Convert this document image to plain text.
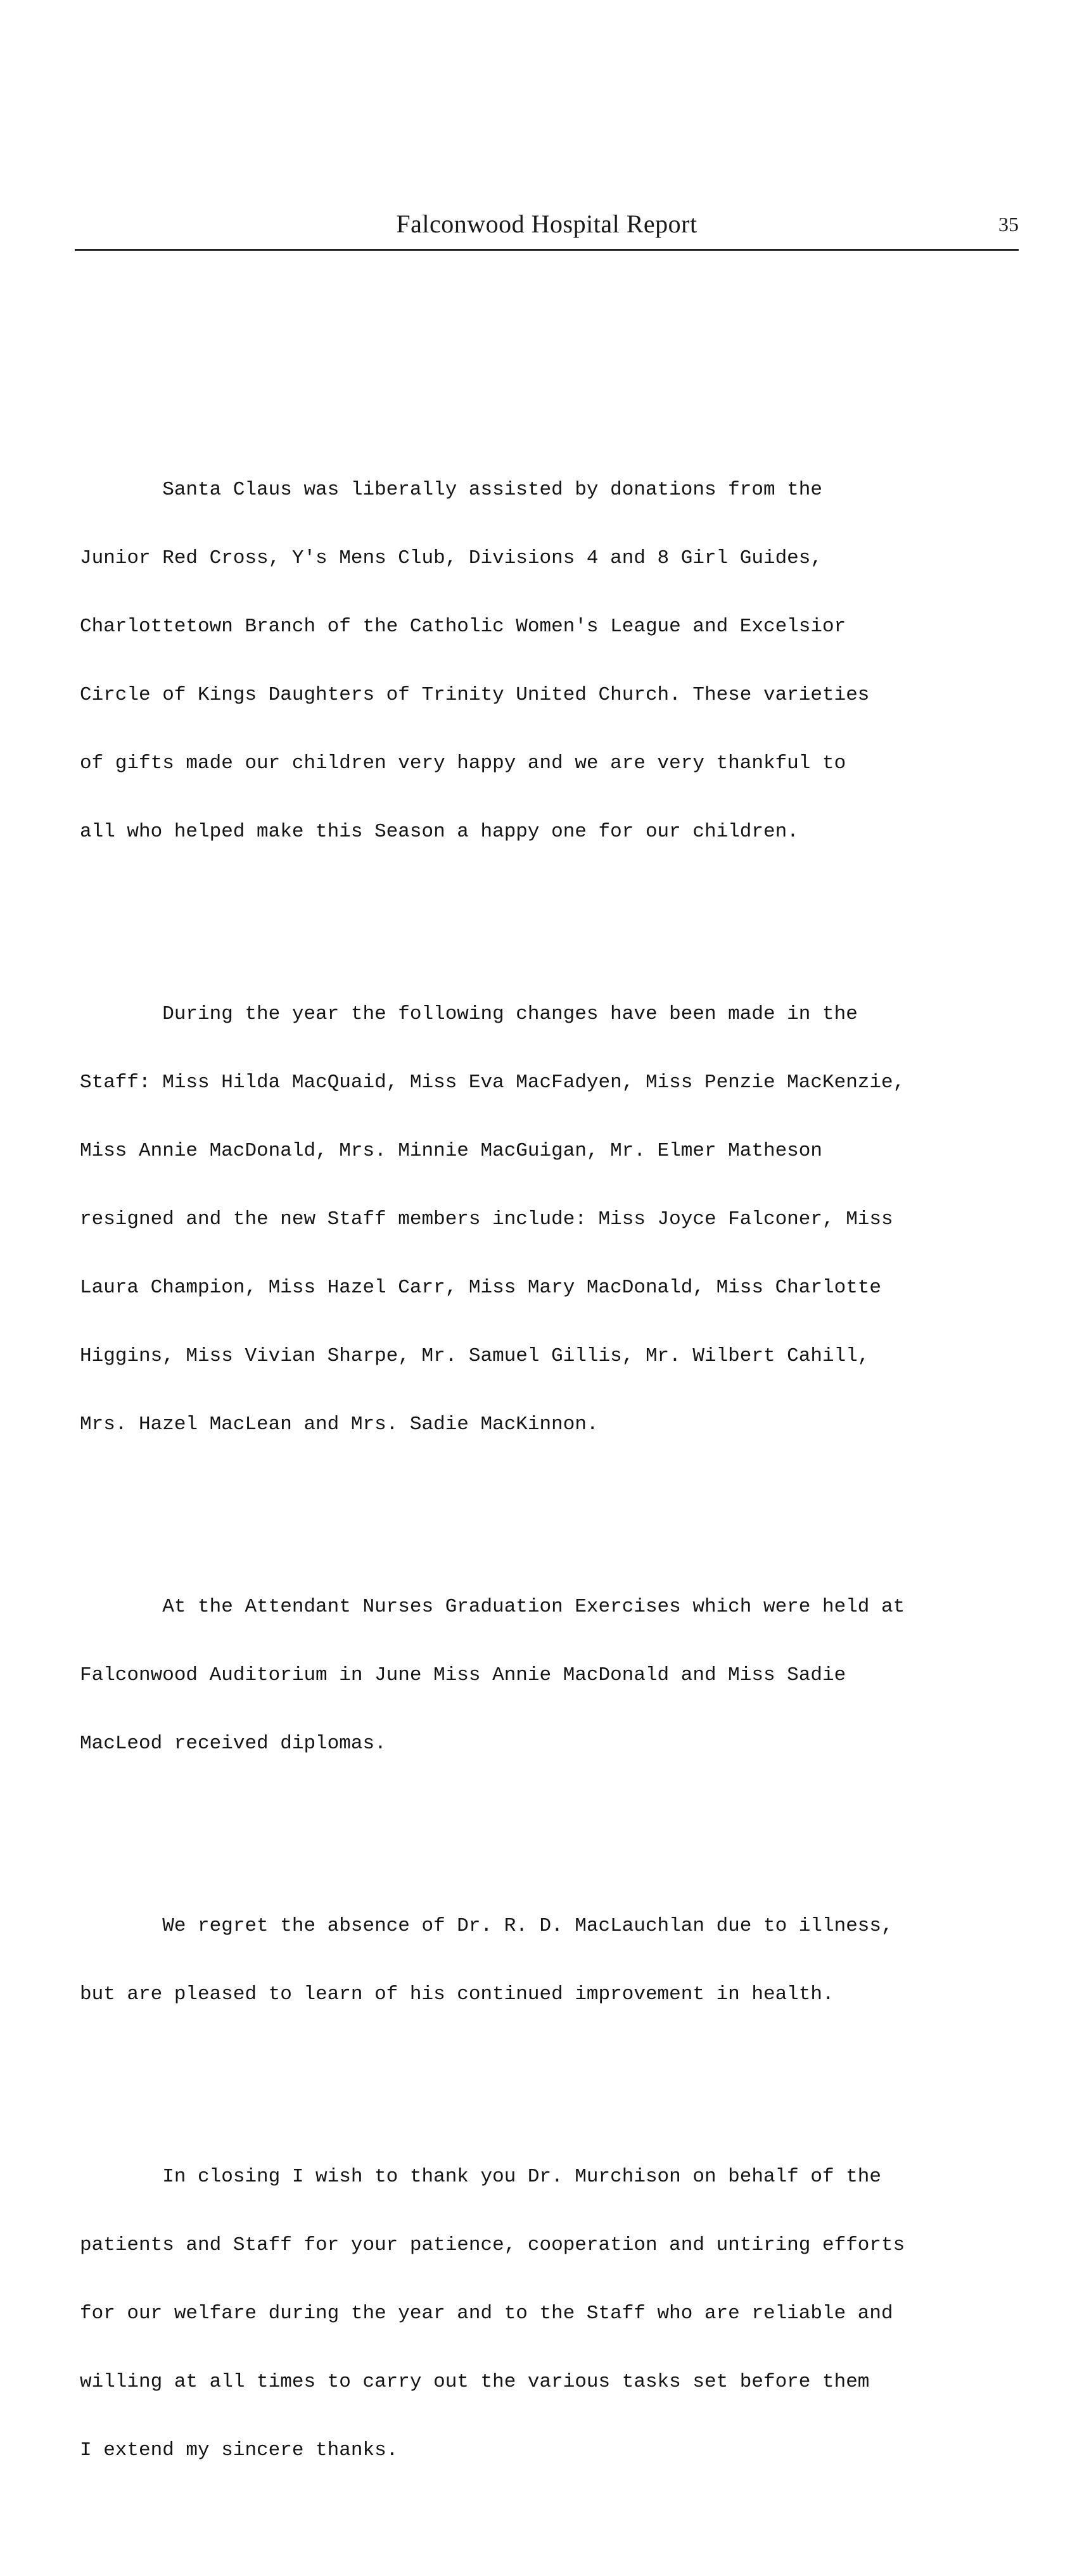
Falconwood Hospital Report	35

Santa Claus was liberally assisted by donations from the

Junior Red Cross, Y's Mens Club, Divisions 4 and 8 Girl Guides,

Charlottetown Branch of the Catholic Women's League and Excelsior

Circle of Kings Daughters of Trinity United Church. These varieties

of gifts made our children very happy and we are very thankful to

all who helped make this Season a happy one for our children.

During the year the following changes have been made in the

Staff: Miss Hilda MacQuaid, Miss Eva MacFadyen, Miss Penzie MacKenzie,

Miss Annie MacDonald, Mrs. Minnie MacGuigan, Mr. Elmer Matheson

resigned and the new Staff members include: Miss Joyce Falconer, Miss

Laura Champion, Miss Hazel Carr, Miss Mary MacDonald, Miss Charlotte

Higgins, Miss Vivian Sharpe, Mr. Samuel Gillis, Mr. Wilbert Cahill,

Mrs. Hazel MacLean and Mrs. Sadie MacKinnon.

At the Attendant Nurses Graduation Exercises which were held at

Falconwood Auditorium in June Miss Annie MacDonald and Miss Sadie

MacLeod received diplomas.

We regret the absence of Dr. R. D. MacLauchlan due to illness,

but are pleased to learn of his continued improvement in health.

In closing I wish to thank you Dr. Murchison on behalf of the

patients and Staff for your patience, cooperation and untiring efforts

for our welfare during the year and to the Staff who are reliable and

willing at all times to carry out the various tasks set before them

I extend my sincere thanks.
